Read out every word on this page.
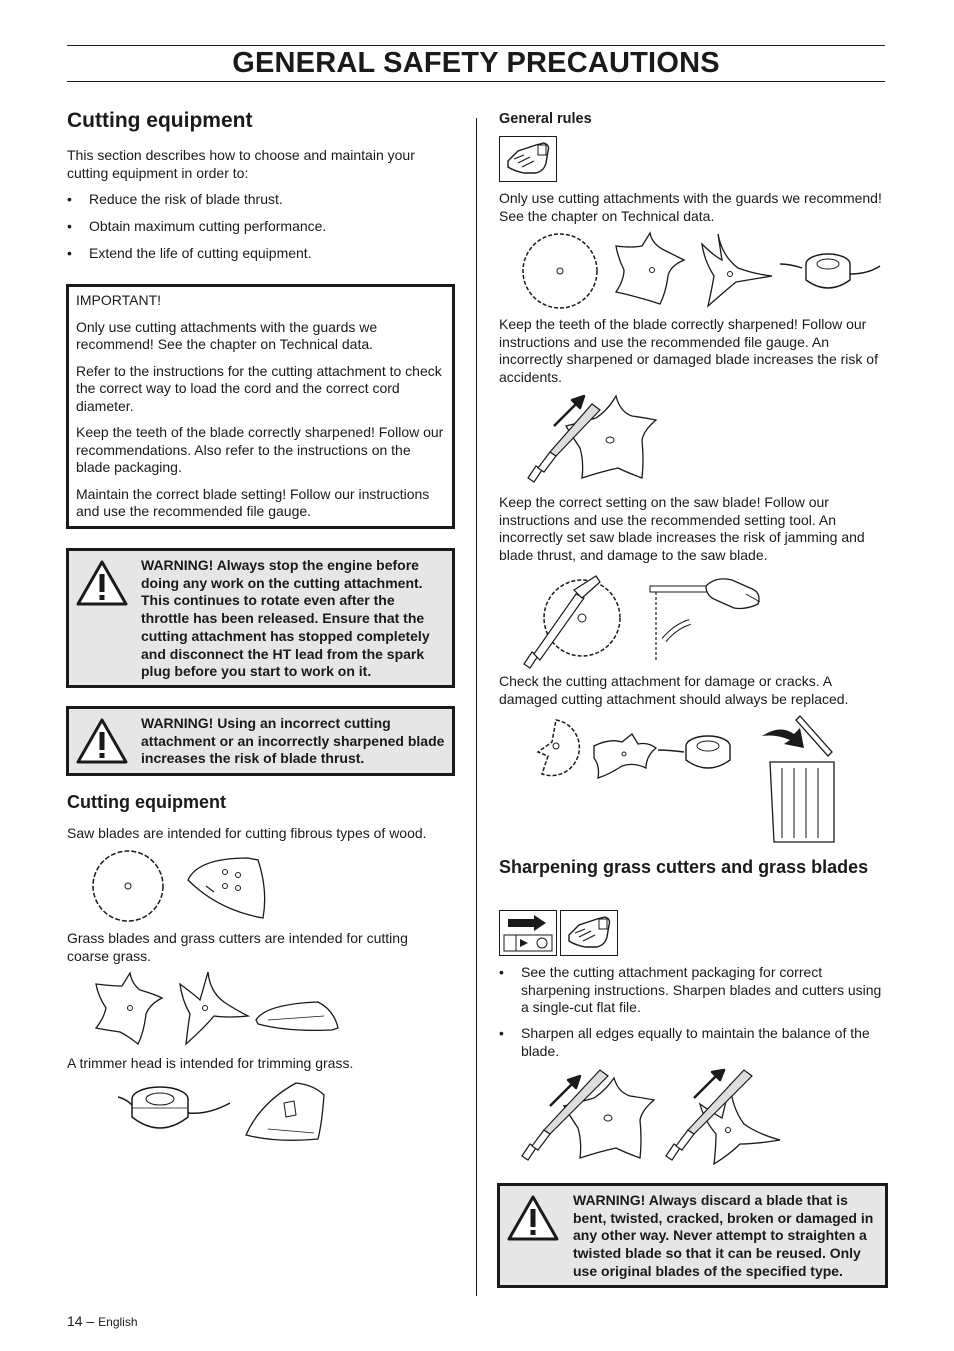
GENERAL SAFETY PRECAUTIONS
Cutting equipment
This section describes how to choose and maintain your cutting equipment in order to:
• Reduce the risk of blade thrust.
• Obtain maximum cutting performance.
• Extend the life of cutting equipment.
IMPORTANT!
Only use cutting attachments with the guards we recommend! See the chapter on Technical data.
Refer to the instructions for the cutting attachment to check the correct way to load the cord and the correct cord diameter.
Keep the teeth of the blade correctly sharpened! Follow our recommendations. Also refer to the instructions on the blade packaging.
Maintain the correct blade setting! Follow our instructions and use the recommended file gauge.
WARNING! Always stop the engine before doing any work on the cutting attachment. This continues to rotate even after the throttle has been released. Ensure that the cutting attachment has stopped completely and disconnect the HT lead from the spark plug before you start to work on it.
WARNING! Using an incorrect cutting attachment or an incorrectly sharpened blade increases the risk of blade thrust.
Cutting equipment
Saw blades are intended for cutting fibrous types of wood.
Grass blades and grass cutters are intended for cutting coarse grass.
A trimmer head is intended for trimming grass.
General rules
Only use cutting attachments with the guards we recommend! See the chapter on Technical data.
Keep the teeth of the blade correctly sharpened! Follow our instructions and use the recommended file gauge. An incorrectly sharpened or damaged blade increases the risk of accidents.
Keep the correct setting on the saw blade! Follow our instructions and use the recommended setting tool. An incorrectly set saw blade increases the risk of jamming and blade thrust, and damage to the saw blade.
Check the cutting attachment for damage or cracks. A damaged cutting attachment should always be replaced.
Sharpening grass cutters and grass blades
• See the cutting attachment packaging for correct sharpening instructions. Sharpen blades and cutters using a single-cut flat file.
• Sharpen all edges equally to maintain the balance of the blade.
WARNING! Always discard a blade that is bent, twisted, cracked, broken or damaged in any other way. Never attempt to straighten a twisted blade so that it can be reused. Only use original blades of the specified type.
14 – English
